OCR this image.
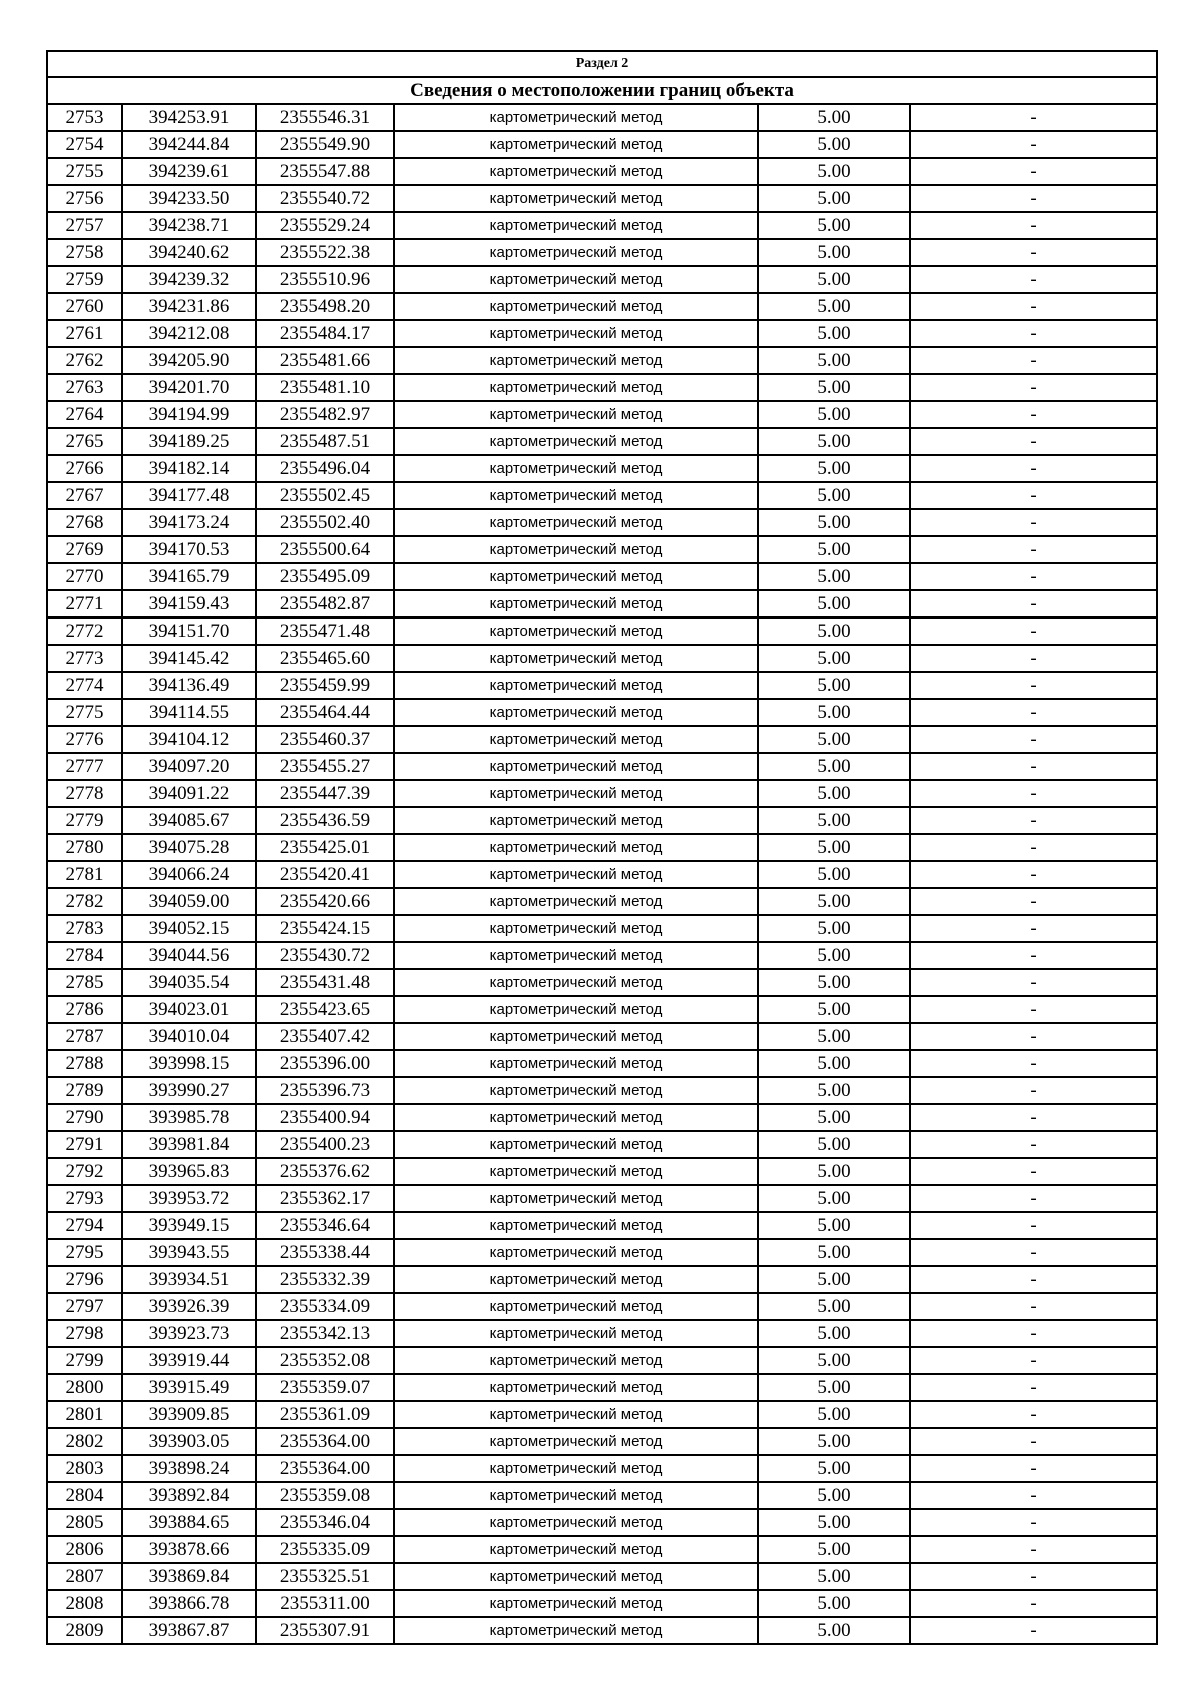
Раздел 2					
Сведения о местоположении границ объекта					
2753	394253.91	2355546.31	картометрический метод	5.00	-
2754	394244.84	2355549.90	картометрический метод	5.00	-
2755	394239.61	2355547.88	картометрический метод	5.00	-
2756	394233.50	2355540.72	картометрический метод	5.00	-
2757	394238.71	2355529.24	картометрический метод	5.00	-
2758	394240.62	2355522.38	картометрический метод	5.00	-
2759	394239.32	2355510.96	картометрический метод	5.00	-
2760	394231.86	2355498.20	картометрический метод	5.00	-
2761	394212.08	2355484.17	картометрический метод	5.00	-
2762	394205.90	2355481.66	картометрический метод	5.00	-
2763	394201.70	2355481.10	картометрический метод	5.00	-
2764	394194.99	2355482.97	картометрический метод	5.00	-
2765	394189.25	2355487.51	картометрический метод	5.00	-
2766	394182.14	2355496.04	картометрический метод	5.00	-
2767	394177.48	2355502.45	картометрический метод	5.00	-
2768	394173.24	2355502.40	картометрический метод	5.00	-
2769	394170.53	2355500.64	картометрический метод	5.00	-
2770	394165.79	2355495.09	картометрический метод	5.00	-
2771	394159.43	2355482.87	картометрический метод	5.00	-
2772	394151.70	2355471.48	картометрический метод	5.00	-
2773	394145.42	2355465.60	картометрический метод	5.00	-
2774	394136.49	2355459.99	картометрический метод	5.00	-
2775	394114.55	2355464.44	картометрический метод	5.00	-
2776	394104.12	2355460.37	картометрический метод	5.00	-
2777	394097.20	2355455.27	картометрический метод	5.00	-
2778	394091.22	2355447.39	картометрический метод	5.00	-
2779	394085.67	2355436.59	картометрический метод	5.00	-
2780	394075.28	2355425.01	картометрический метод	5.00	-
2781	394066.24	2355420.41	картометрический метод	5.00	-
2782	394059.00	2355420.66	картометрический метод	5.00	-
2783	394052.15	2355424.15	картометрический метод	5.00	-
2784	394044.56	2355430.72	картометрический метод	5.00	-
2785	394035.54	2355431.48	картометрический метод	5.00	-
2786	394023.01	2355423.65	картометрический метод	5.00	-
2787	394010.04	2355407.42	картометрический метод	5.00	-
2788	393998.15	2355396.00	картометрический метод	5.00	-
2789	393990.27	2355396.73	картометрический метод	5.00	-
2790	393985.78	2355400.94	картометрический метод	5.00	-
2791	393981.84	2355400.23	картометрический метод	5.00	-
2792	393965.83	2355376.62	картометрический метод	5.00	-
2793	393953.72	2355362.17	картометрический метод	5.00	-
2794	393949.15	2355346.64	картометрический метод	5.00	-
2795	393943.55	2355338.44	картометрический метод	5.00	-
2796	393934.51	2355332.39	картометрический метод	5.00	-
2797	393926.39	2355334.09	картометрический метод	5.00	-
2798	393923.73	2355342.13	картометрический метод	5.00	-
2799	393919.44	2355352.08	картометрический метод	5.00	-
2800	393915.49	2355359.07	картометрический метод	5.00	-
2801	393909.85	2355361.09	картометрический метод	5.00	-
2802	393903.05	2355364.00	картометрический метод	5.00	-
2803	393898.24	2355364.00	картометрический метод	5.00	-
2804	393892.84	2355359.08	картометрический метод	5.00	-
2805	393884.65	2355346.04	картометрический метод	5.00	-
2806	393878.66	2355335.09	картометрический метод	5.00	-
2807	393869.84	2355325.51	картометрический метод	5.00	-
2808	393866.78	2355311.00	картометрический метод	5.00	-
2809	393867.87	2355307.91	картометрический метод	5.00	-
